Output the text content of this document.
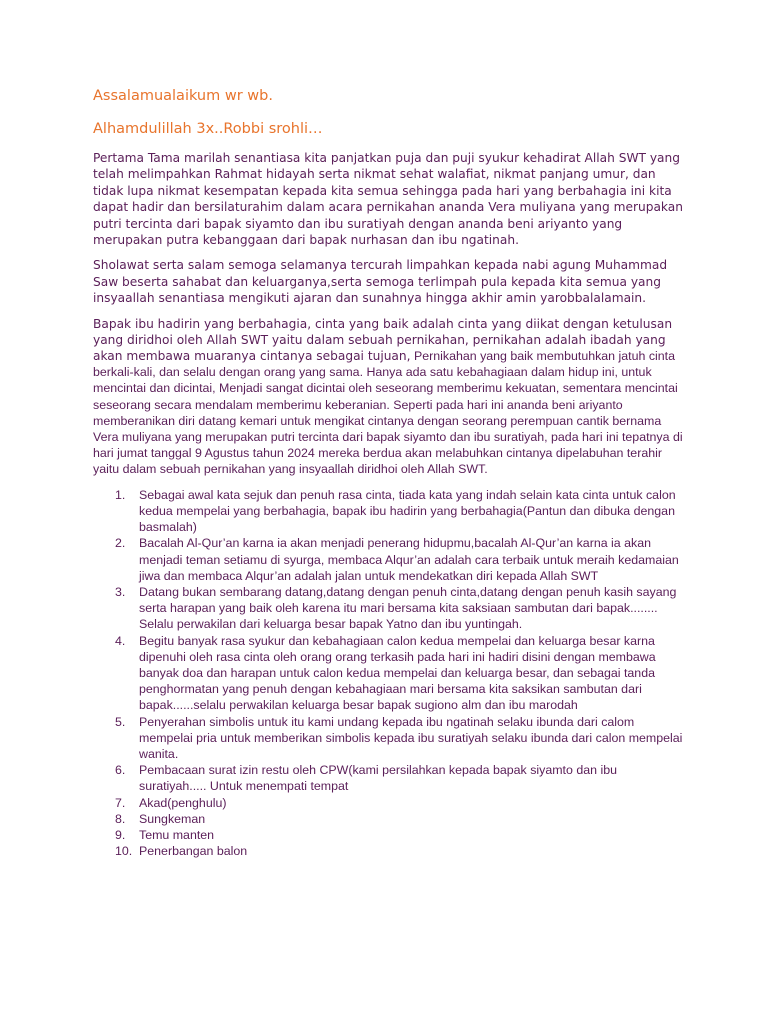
Assalamualaikum wr wb.

Alhamdulillah 3x..Robbi srohli…

Pertama Tama marilah senantiasa kita panjatkan puja dan puji syukur kehadirat Allah SWT yang telah melimpahkan Rahmat hidayah serta nikmat sehat walafiat, nikmat panjang umur, dan tidak lupa nikmat kesempatan kepada kita semua sehingga pada hari yang berbahagia ini kita dapat hadir dan bersilaturahim dalam acara pernikahan ananda Vera muliyana yang merupakan putri tercinta dari bapak siyamto dan ibu suratiyah dengan ananda beni ariyanto yang merupakan putra kebanggaan dari bapak nurhasan dan ibu ngatinah.

Sholawat serta salam semoga selamanya tercurah limpahkan kepada nabi agung Muhammad Saw beserta sahabat dan keluarganya,serta semoga terlimpah pula kepada kita semua yang insyaallah senantiasa mengikuti ajaran dan sunahnya hingga akhir amin yarobbalalamain.

Bapak ibu hadirin yang berbahagia, cinta yang baik adalah cinta yang diikat dengan ketulusan yang diridhoi oleh Allah SWT yaitu dalam sebuah pernikahan, pernikahan adalah ibadah yang akan membawa muaranya cintanya sebagai tujuan, Pernikahan yang baik membutuhkan jatuh cinta berkali-kali, dan selalu dengan orang yang sama. Hanya ada satu kebahagiaan dalam hidup ini, untuk mencintai dan dicintai, Menjadi sangat dicintai oleh seseorang memberimu kekuatan, sementara mencintai seseorang secara mendalam memberimu keberanian. Seperti pada hari ini ananda beni ariyanto memberanikan diri datang kemari untuk mengikat cintanya dengan seorang perempuan cantik bernama Vera muliyana yang merupakan putri tercinta dari bapak siyamto dan ibu suratiyah, pada hari ini tepatnya di hari jumat tanggal 9 Agustus tahun 2024 mereka berdua akan melabuhkan cintanya dipelabuhan terahir yaitu dalam sebuah pernikahan yang insyaallah diridhoi oleh Allah SWT.

1.	Sebagai awal kata sejuk dan penuh rasa cinta, tiada kata yang indah selain kata cinta untuk calon kedua mempelai yang berbahagia, bapak ibu hadirin yang berbahagia(Pantun dan dibuka dengan basmalah)
2.	Bacalah Al-Qur’an karna ia akan menjadi penerang hidupmu,bacalah Al-Qur’an karna ia akan menjadi teman setiamu di syurga, membaca Alqur’an adalah cara terbaik untuk meraih kedamaian jiwa dan membaca Alqur’an adalah jalan untuk mendekatkan diri kepada Allah SWT
3.	Datang bukan sembarang datang,datang dengan penuh cinta,datang dengan penuh kasih sayang serta harapan yang baik oleh karena itu mari bersama kita saksiaan sambutan dari bapak........ Selalu perwakilan dari keluarga besar bapak Yatno dan ibu yuntingah.
4.	Begitu banyak rasa syukur dan kebahagiaan calon kedua mempelai dan keluarga besar karna dipenuhi oleh rasa cinta oleh orang orang terkasih pada hari ini hadiri disini dengan membawa banyak doa dan harapan untuk calon kedua mempelai dan keluarga besar, dan sebagai tanda penghormatan yang penuh dengan kebahagiaan mari bersama kita saksikan sambutan dari bapak......selalu perwakilan keluarga besar bapak sugiono alm dan ibu marodah
5.	Penyerahan simbolis untuk itu kami undang kepada ibu ngatinah selaku ibunda dari calom mempelai pria untuk memberikan simbolis kepada ibu suratiyah selaku ibunda dari calon mempelai wanita.
6.	Pembacaan surat izin restu oleh CPW(kami persilahkan kepada bapak siyamto dan ibu suratiyah..... Untuk menempati tempat
7.	Akad(penghulu)
8.	Sungkeman
9.	Temu manten
10. Penerbangan balon
